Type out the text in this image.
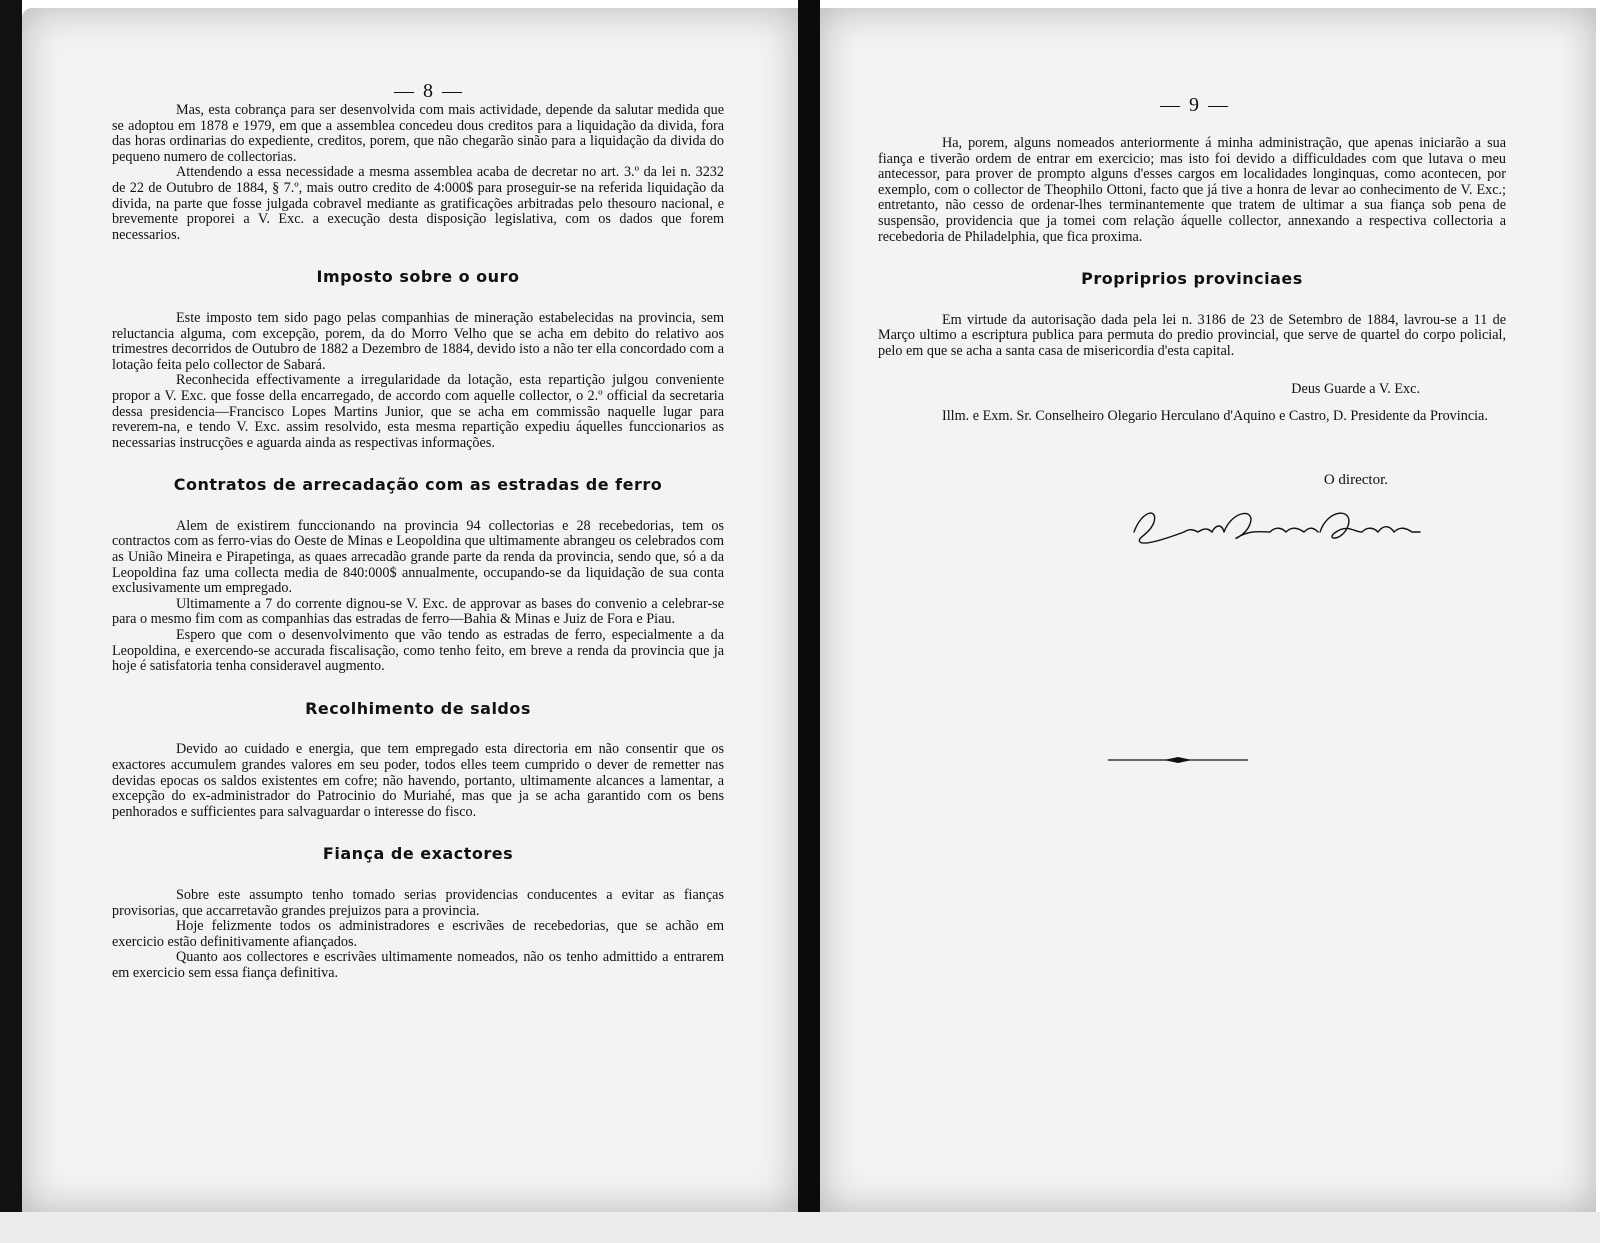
— 8 —

Mas, esta cobrança para ser desenvolvida com mais actividade, depende da salutar medida que se adoptou em 1878 e 1979, em que a assemblea concedeu dous creditos para a liquidação da divida, fora das horas ordinarias do expediente, creditos, porem, que não chegarão sinão para a liquidação da divida do pequeno numero de collectorias.

Attendendo a essa necessidade a mesma assemblea acaba de decretar no art. 3.º da lei n. 3232 de 22 de Outubro de 1884, § 7.º, mais outro credito de 4:000$ para proseguir-se na referida liquidação da divida, na parte que fosse julgada cobravel mediante as gratificações arbitradas pelo thesouro nacional, e brevemente proporei a V. Exc. a execução desta disposição legislativa, com os dados que forem necessarios.

Imposto sobre o ouro

Este imposto tem sido pago pelas companhias de mineração estabelecidas na provincia, sem reluctancia alguma, com excepção, porem, da do Morro Velho que se acha em debito do relativo aos trimestres decorridos de Outubro de 1882 a Dezembro de 1884, devido isto a não ter ella concordado com a lotação feita pelo collector de Sabará.

Reconhecida effectivamente a irregularidade da lotação, esta repartição julgou conveniente propor a V. Exc. que fosse della encarregado, de accordo com aquelle collector, o 2.º official da secretaria dessa presidencia—Francisco Lopes Martins Junior, que se acha em commissão naquelle lugar para reverem-na, e tendo V. Exc. assim resolvido, esta mesma repartição expediu áquelles funccionarios as necessarias instrucções e aguarda ainda as respectivas informações.

Contratos de arrecadação com as estradas de ferro

Alem de existirem funccionando na provincia 94 collectorias e 28 recebedorias, tem os contractos com as ferro-vias do Oeste de Minas e Leopoldina que ultimamente abrangeu os celebrados com as União Mineira e Pirapetinga, as quaes arrecadão grande parte da renda da provincia, sendo que, só a da Leopoldina faz uma collecta media de 840:000$ annualmente, occupando-se da liquidação de sua conta exclusivamente um empregado.

Ultimamente a 7 do corrente dignou-se V. Exc. de approvar as bases do convenio a celebrar-se para o mesmo fim com as companhias das estradas de ferro—Bahia & Minas e Juiz de Fora e Piau.

Espero que com o desenvolvimento que vão tendo as estradas de ferro, especialmente a da Leopoldina, e exercendo-se accurada fiscalisação, como tenho feito, em breve a renda da provincia que ja hoje é satisfatoria tenha consideravel augmento.

Recolhimento de saldos

Devido ao cuidado e energia, que tem empregado esta directoria em não consentir que os exactores accumulem grandes valores em seu poder, todos elles teem cumprido o dever de remetter nas devidas epocas os saldos existentes em cofre; não havendo, portanto, ultimamente alcances a lamentar, a excepção do ex-administrador do Patrocinio do Muriahé, mas que ja se acha garantido com os bens penhorados e sufficientes para salvaguardar o interesse do fisco.

Fiança de exactores

Sobre este assumpto tenho tomado serias providencias conducentes a evitar as fianças provisorias, que accarretavão grandes prejuizos para a provincia.

Hoje felizmente todos os administradores e escrivães de recebedorias, que se achão em exercicio estão definitivamente afiançados.

Quanto aos collectores e escrivães ultimamente nomeados, não os tenho admittido a entrarem em exercicio sem essa fiança definitiva.

— 9 —

Ha, porem, alguns nomeados anteriormente á minha administração, que apenas iniciarão a sua fiança e tiverão ordem de entrar em exercicio; mas isto foi devido a difficuldades com que lutava o meu antecessor, para prover de prompto alguns d'esses cargos em localidades longinquas, como acontecen, por exemplo, com o collector de Theophilo Ottoni, facto que já tive a honra de levar ao conhecimento de V. Exc.; entretanto, não cesso de ordenar-lhes terminantemente que tratem de ultimar a sua fiança sob pena de suspensão, providencia que ja tomei com relação áquelle collector, annexando a respectiva collectoria a recebedoria de Philadelphia, que fica proxima.

Propriprios provinciaes

Em virtude da autorisação dada pela lei n. 3186 de 23 de Setembro de 1884, lavrou-se a 11 de Março ultimo a escriptura publica para permuta do predio provincial, que serve de quartel do corpo policial, pelo em que se acha a santa casa de misericordia d'esta capital.

Deus Guarde a V. Exc.

Illm. e Exm. Sr. Conselheiro Olegario Herculano d'Aquino e Castro, D. Presidente da Provincia.

O director.
